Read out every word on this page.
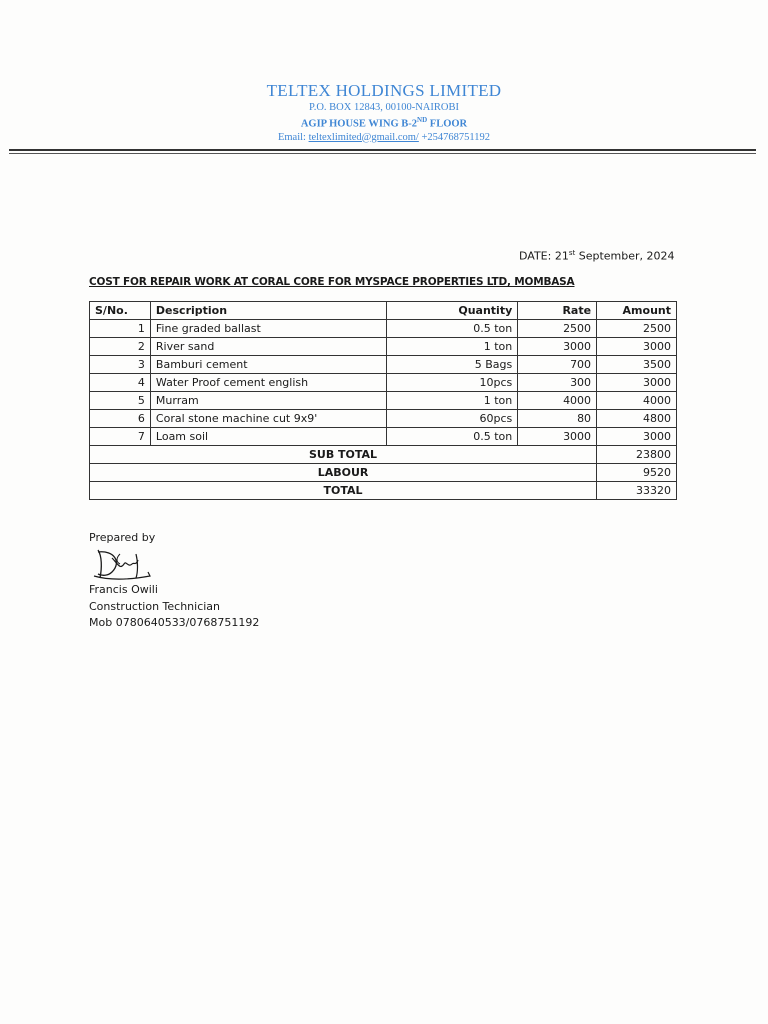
TELTEX HOLDINGS LIMITED
P.O. BOX 12843, 00100-NAIROBI
AGIP HOUSE WING B-2ND FLOOR
Email: teltexlimited@gmail.com/ +254768751192
DATE: 21st September, 2024
COST FOR REPAIR WORK AT CORAL CORE FOR MYSPACE PROPERTIES LTD, MOMBASA
S/No.	Description	Quantity	Rate	Amount
1	Fine graded ballast	0.5 ton	2500	2500
2	River sand	1 ton	3000	3000
3	Bamburi cement	5 Bags	700	3500
4	Water Proof cement english	10pcs	300	3000
5	Murram	1 ton	4000	4000
6	Coral stone machine cut 9x9'	60pcs	80	4800
7	Loam soil	0.5 ton	3000	3000
SUB TOTAL				23800
LABOUR				9520
TOTAL				33320
Prepared by
Francis Owili
Construction Technician
Mob 0780640533/0768751192
